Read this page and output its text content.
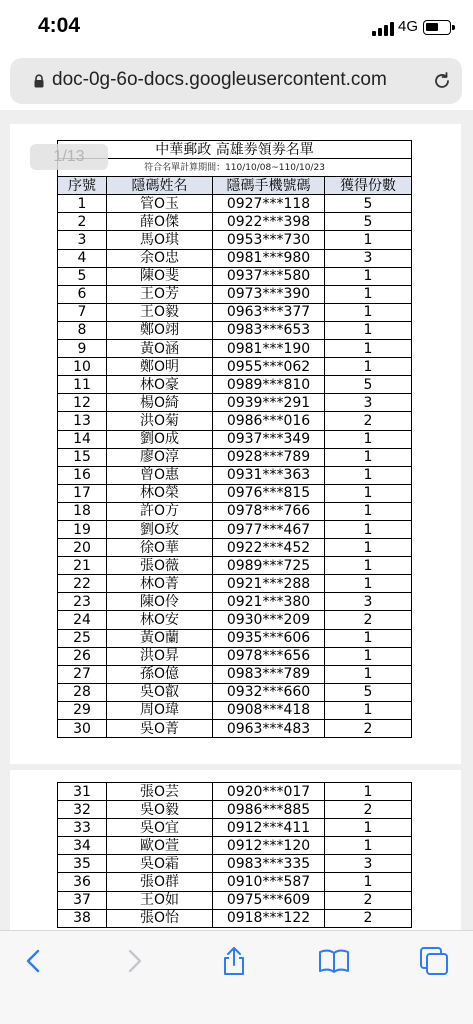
4:04	4G
doc-0g-6o-docs.googleusercontent.com
中華郵政 高雄劵領劵名單			
符合名單計算期間：110/10/08~110/10/23			
序號	隱碼姓名	隱碼手機號碼	獲得份數
1	管O玉	0927***118	5
2	薛O傑	0922***398	5
3	馬O琪	0953***730	1
4	余O忠	0981***980	3
5	陳O斐	0937***580	1
6	王O芳	0973***390	1
7	王O毅	0963***377	1
8	鄭O翊	0983***653	1
9	黃O涵	0981***190	1
10	鄭O明	0955***062	1
11	林O豪	0989***810	5
12	楊O綺	0939***291	3
13	洪O菊	0986***016	2
14	劉O成	0937***349	1
15	廖O淳	0928***789	1
16	曾O惠	0931***363	1
17	林O榮	0976***815	1
18	許O方	0978***766	1
19	劉O玫	0977***467	1
20	徐O華	0922***452	1
21	張O薇	0989***725	1
22	林O菁	0921***288	1
23	陳O伶	0921***380	3
24	林O安	0930***209	2
25	黃O蘭	0935***606	1
26	洪O昇	0978***656	1
27	孫O億	0983***789	1
28	吳O叡	0932***660	5
29	周O瑋	0908***418	1
30	吳O菁	0963***483	2
31	張O芸	0920***017	1
32	吳O毅	0986***885	2
33	吳O宜	0912***411	1
34	歐O萱	0912***120	1
35	吳O霜	0983***335	3
36	張O群	0910***587	1
37	王O如	0975***609	2
38	張O怡	0918***122	2
1/13
